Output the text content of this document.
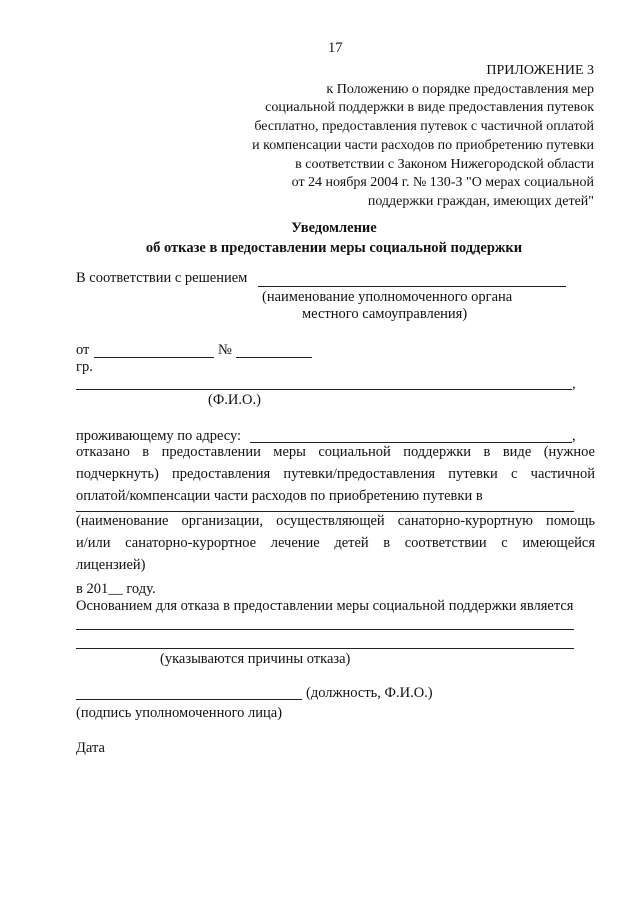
17
ПРИЛОЖЕНИЕ 3
к Положению о порядке предоставления мер
социальной поддержки в виде предоставления путевок
бесплатно, предоставления путевок с частичной оплатой
и компенсации части расходов по приобретению путевки
в соответствии с Законом Нижегородской области
от 24 ноября 2004 г. № 130-З "О мерах социальной
поддержки граждан, имеющих детей"
Уведомление
об отказе в предоставлении меры социальной поддержки
В соответствии с решением
(наименование уполномоченного органа
местного самоуправления)
от	№
гр.
,
(Ф.И.О.)
проживающему по адресу:	,
отказано в предоставлении меры социальной поддержки в виде (нужное
подчеркнуть) предоставления путевки/предоставления путевки с частичной
оплатой/компенсации части расходов по приобретению путевки в
(наименование организации, осуществляющей санаторно-курортную помощь
и/или санаторно-курортное лечение детей в соответствии с имеющейся
лицензией)
в 201__ году.
Основанием для отказа в предоставлении меры социальной поддержки является
(указываются причины отказа)
(должность, Ф.И.О.)
(подпись уполномоченного лица)
Дата
